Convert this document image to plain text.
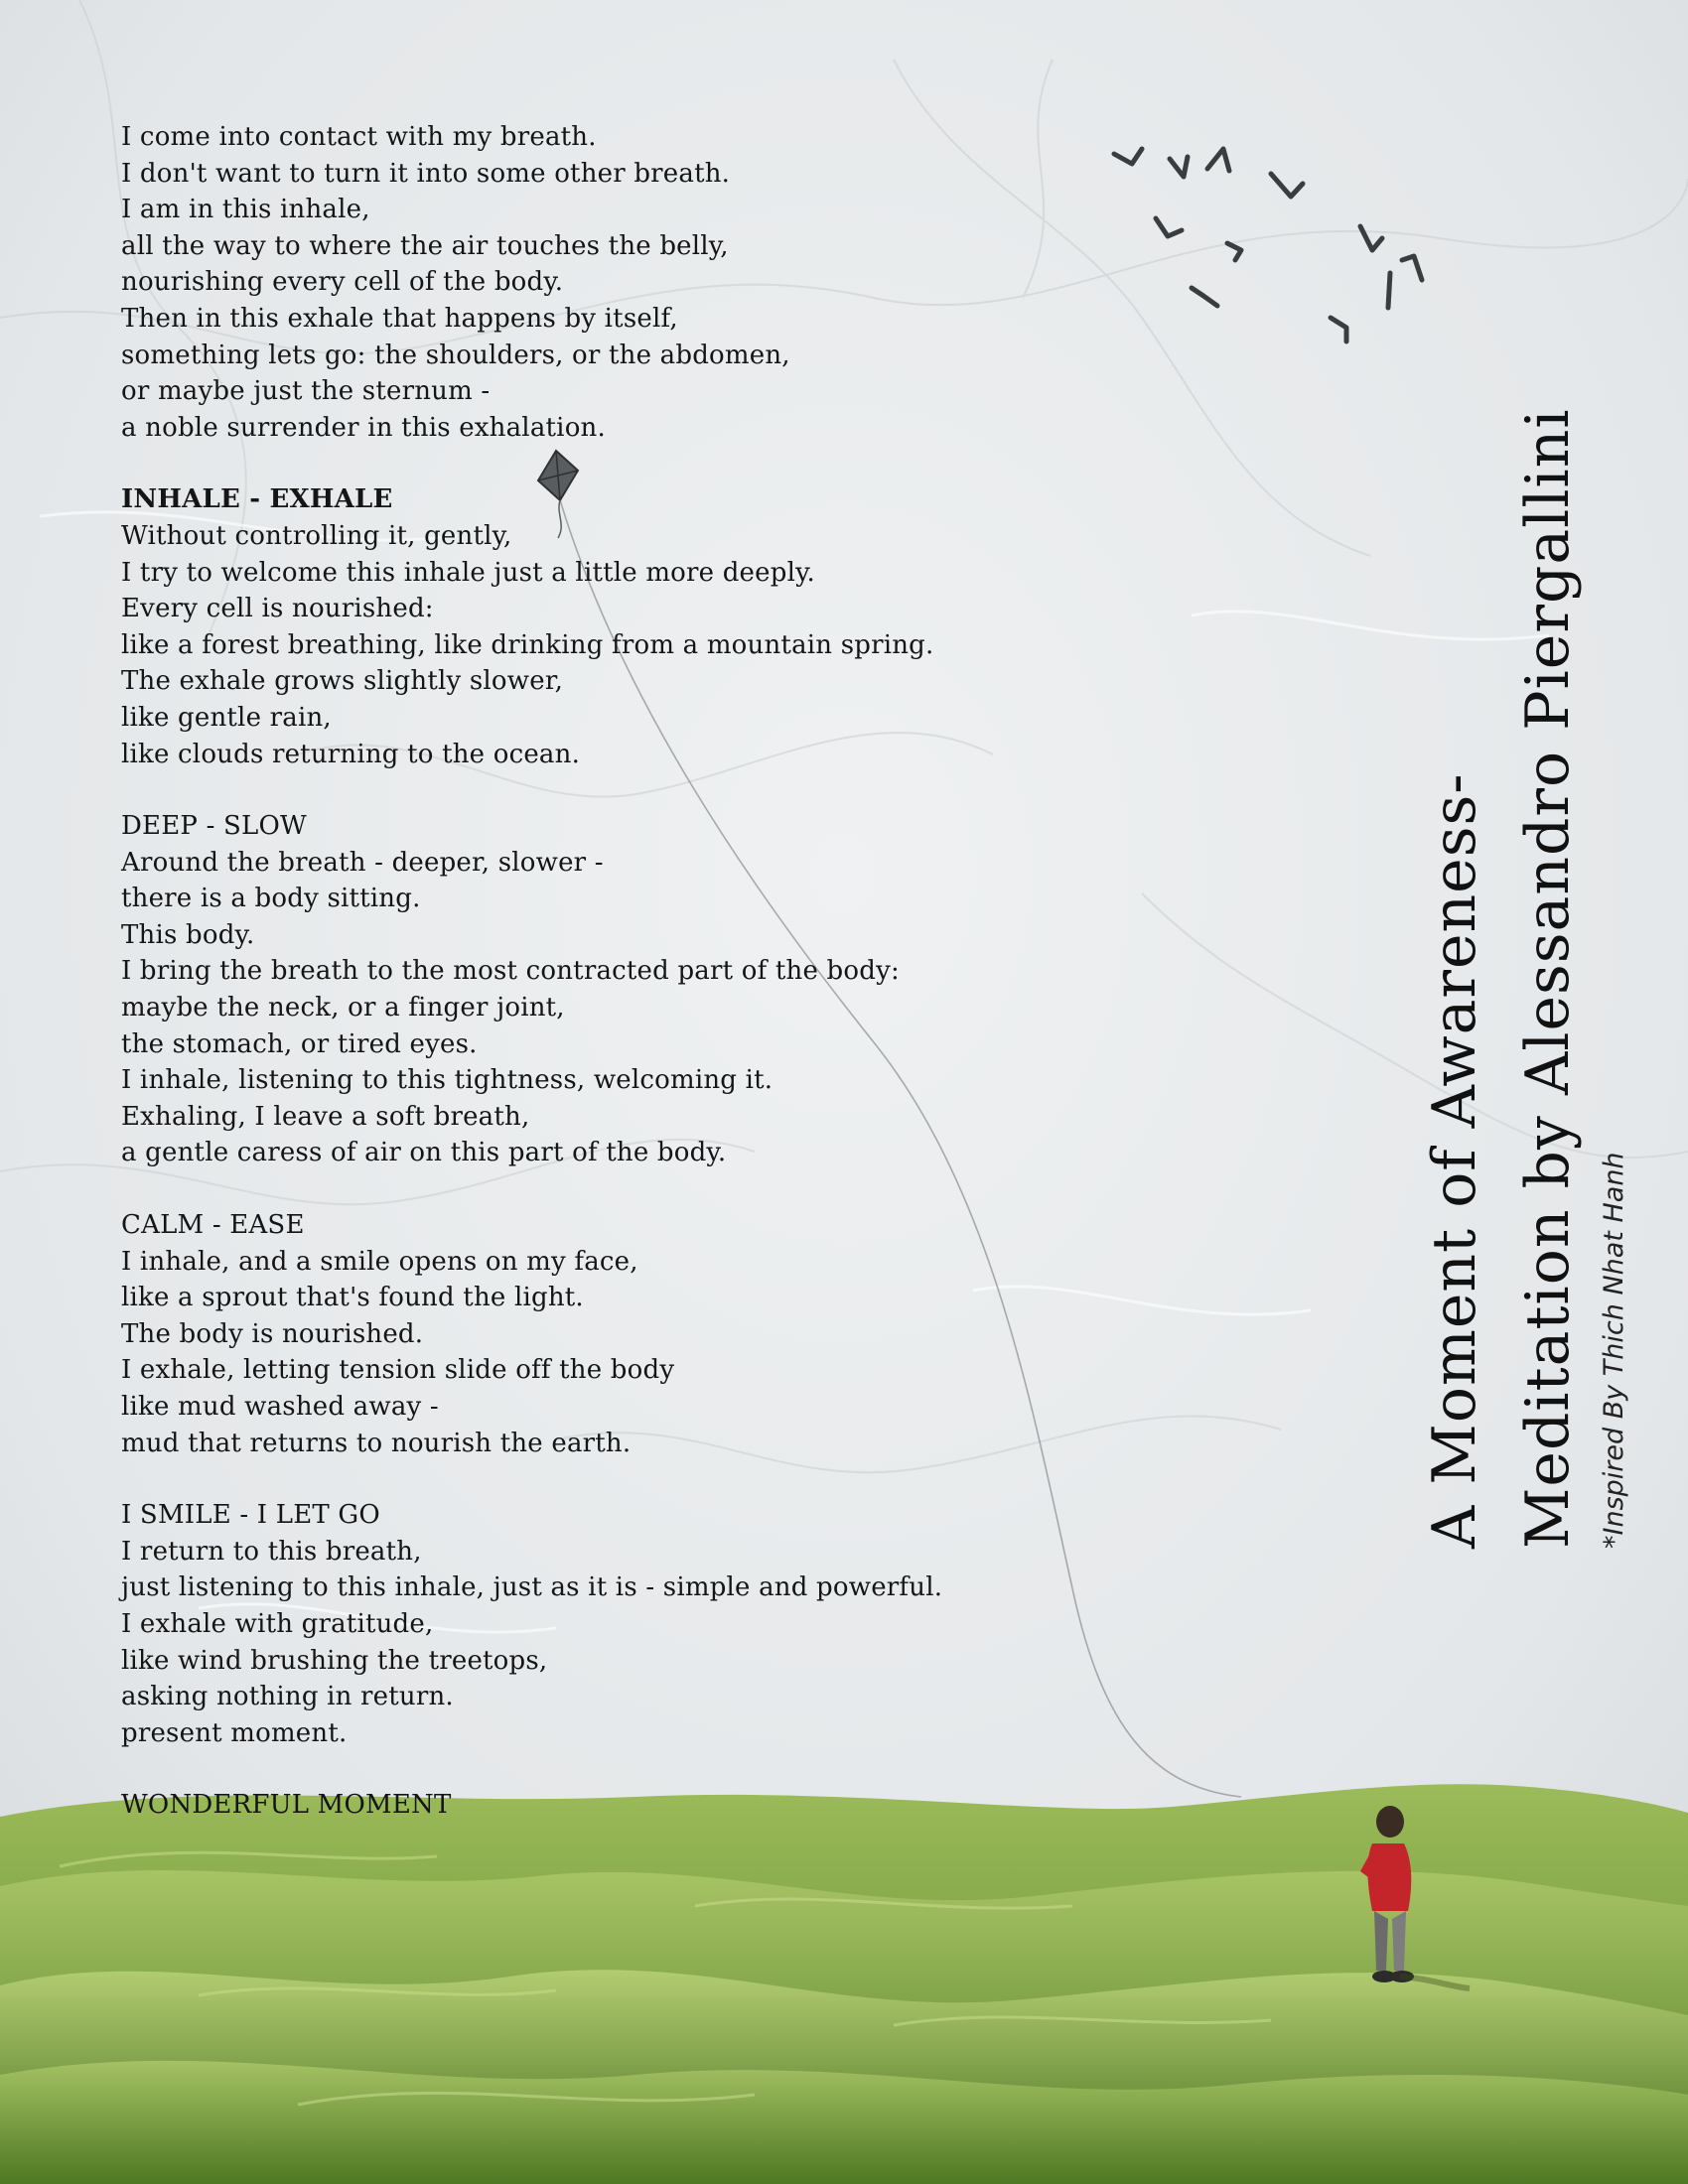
I come into contact with my breath.
I don't want to turn it into some other breath.
I am in this inhale,
all the way to where the air touches the belly,
nourishing every cell of the body.
Then in this exhale that happens by itself,
something lets go: the shoulders, or the abdomen,
or maybe just the sternum -
a noble surrender in this exhalation.
INHALE - EXHALE
Without controlling it, gently,
I try to welcome this inhale just a little more deeply.
Every cell is nourished:
like a forest breathing, like drinking from a mountain spring.
The exhale grows slightly slower,
like gentle rain,
like clouds returning to the ocean.
DEEP - SLOW
Around the breath - deeper, slower -
there is a body sitting.
This body.
I bring the breath to the most contracted part of the body:
maybe the neck, or a finger joint,
the stomach, or tired eyes.
I inhale, listening to this tightness, welcoming it.
Exhaling, I leave a soft breath,
a gentle caress of air on this part of the body.
CALM - EASE
I inhale, and a smile opens on my face,
like a sprout that's found the light.
The body is nourished.
I exhale, letting tension slide off the body
like mud washed away -
mud that returns to nourish the earth.
I SMILE - I LET GO
I return to this breath,
just listening to this inhale, just as it is - simple and powerful.
I exhale with gratitude,
like wind brushing the treetops,
asking nothing in return.
present moment.
WONDERFUL MOMENT
A Moment of Awareness- Meditation by Alessandro Piergallini *Inspired By Thich Nhat Hanh
